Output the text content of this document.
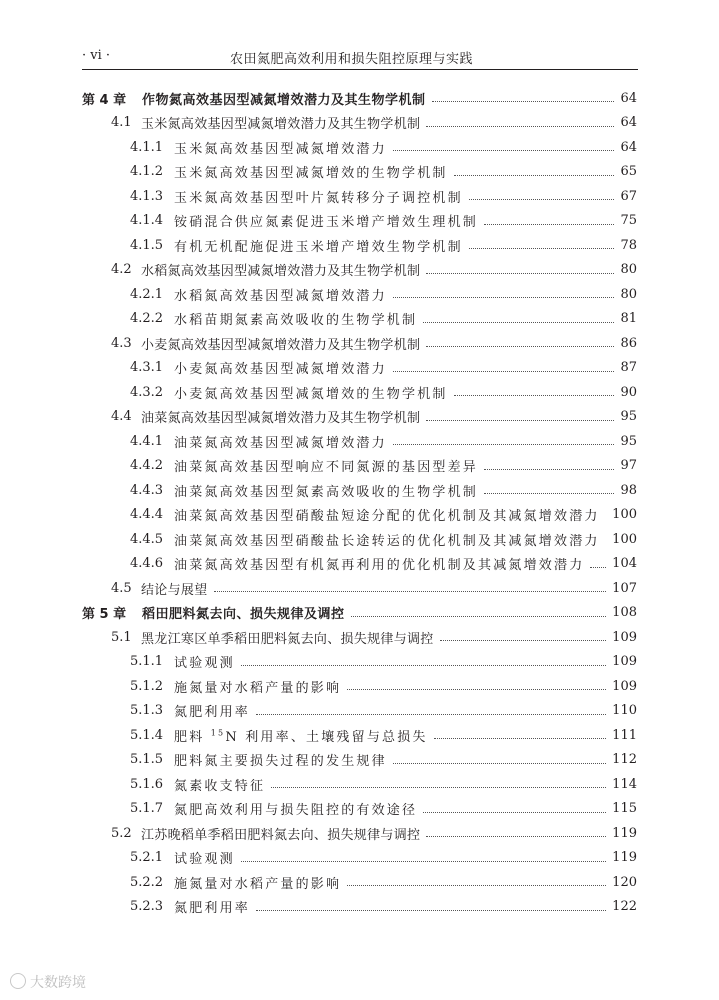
· vi ·	农田氮肥高效利用和损失阻控原理与实践
第 4 章 作物氮高效基因型减氮增效潜力及其生物学机制	64
4.1 玉米氮高效基因型减氮增效潜力及其生物学机制	64
4.1.1 玉米氮高效基因型减氮增效潜力	64
4.1.2 玉米氮高效基因型减氮增效的生物学机制	65
4.1.3 玉米氮高效基因型叶片氮转移分子调控机制	67
4.1.4 铵硝混合供应氮素促进玉米增产增效生理机制	75
4.1.5 有机无机配施促进玉米增产增效生物学机制	78
4.2 水稻氮高效基因型减氮增效潜力及其生物学机制	80
4.2.1 水稻氮高效基因型减氮增效潜力	80
4.2.2 水稻苗期氮素高效吸收的生物学机制	81
4.3 小麦氮高效基因型减氮增效潜力及其生物学机制	86
4.3.1 小麦氮高效基因型减氮增效潜力	87
4.3.2 小麦氮高效基因型减氮增效的生物学机制	90
4.4 油菜氮高效基因型减氮增效潜力及其生物学机制	95
4.4.1 油菜氮高效基因型减氮增效潜力	95
4.4.2 油菜氮高效基因型响应不同氮源的基因型差异	97
4.4.3 油菜氮高效基因型氮素高效吸收的生物学机制	98
4.4.4 油菜氮高效基因型硝酸盐短途分配的优化机制及其减氮增效潜力 100
4.4.5 油菜氮高效基因型硝酸盐长途转运的优化机制及其减氮增效潜力 100
4.4.6 油菜氮高效基因型有机氮再利用的优化机制及其减氮增效潜力 104
4.5 结论与展望	107
第 5 章 稻田肥料氮去向、损失规律及调控	108
5.1 黑龙江寒区单季稻田肥料氮去向、损失规律与调控	109
5.1.1 试验观测	109
5.1.2 施氮量对水稻产量的影响	109
5.1.3 氮肥利用率	110
5.1.4 肥料 $^{15}$N 利用率、土壤残留与总损失	111
5.1.5 肥料氮主要损失过程的发生规律	112
5.1.6 氮素收支特征	114
5.1.7 氮肥高效利用与损失阻控的有效途径	115
5.2 江苏晚稻单季稻田肥料氮去向、损失规律与调控	119
5.2.1 试验观测	119
5.2.2 施氮量对水稻产量的影响	120
5.2.3 氮肥利用率	122
大数跨境
